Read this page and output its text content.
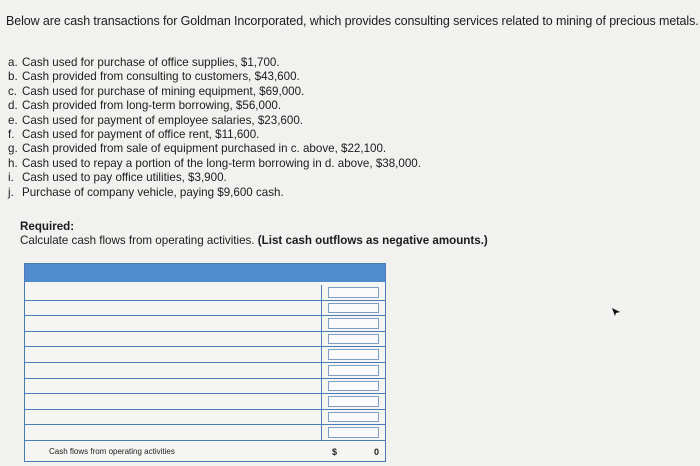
Below are cash transactions for Goldman Incorporated, which provides consulting services related to mining of precious metals.
a. Cash used for purchase of office supplies, $1,700.
b. Cash provided from consulting to customers, $43,600.
c. Cash used for purchase of mining equipment, $69,000.
d. Cash provided from long-term borrowing, $56,000.
e. Cash used for payment of employee salaries, $23,600.
f. Cash used for payment of office rent, $11,600.
g. Cash provided from sale of equipment purchased in c. above, $22,100.
h. Cash used to repay a portion of the long-term borrowing in d. above, $38,000.
i. Cash used to pay office utilities, $3,900.
j. Purchase of company vehicle, paying $9,600 cash.
Required:
Calculate cash flows from operating activities. (List cash outflows as negative amounts.)
Cash flows from operating activities	$	0
